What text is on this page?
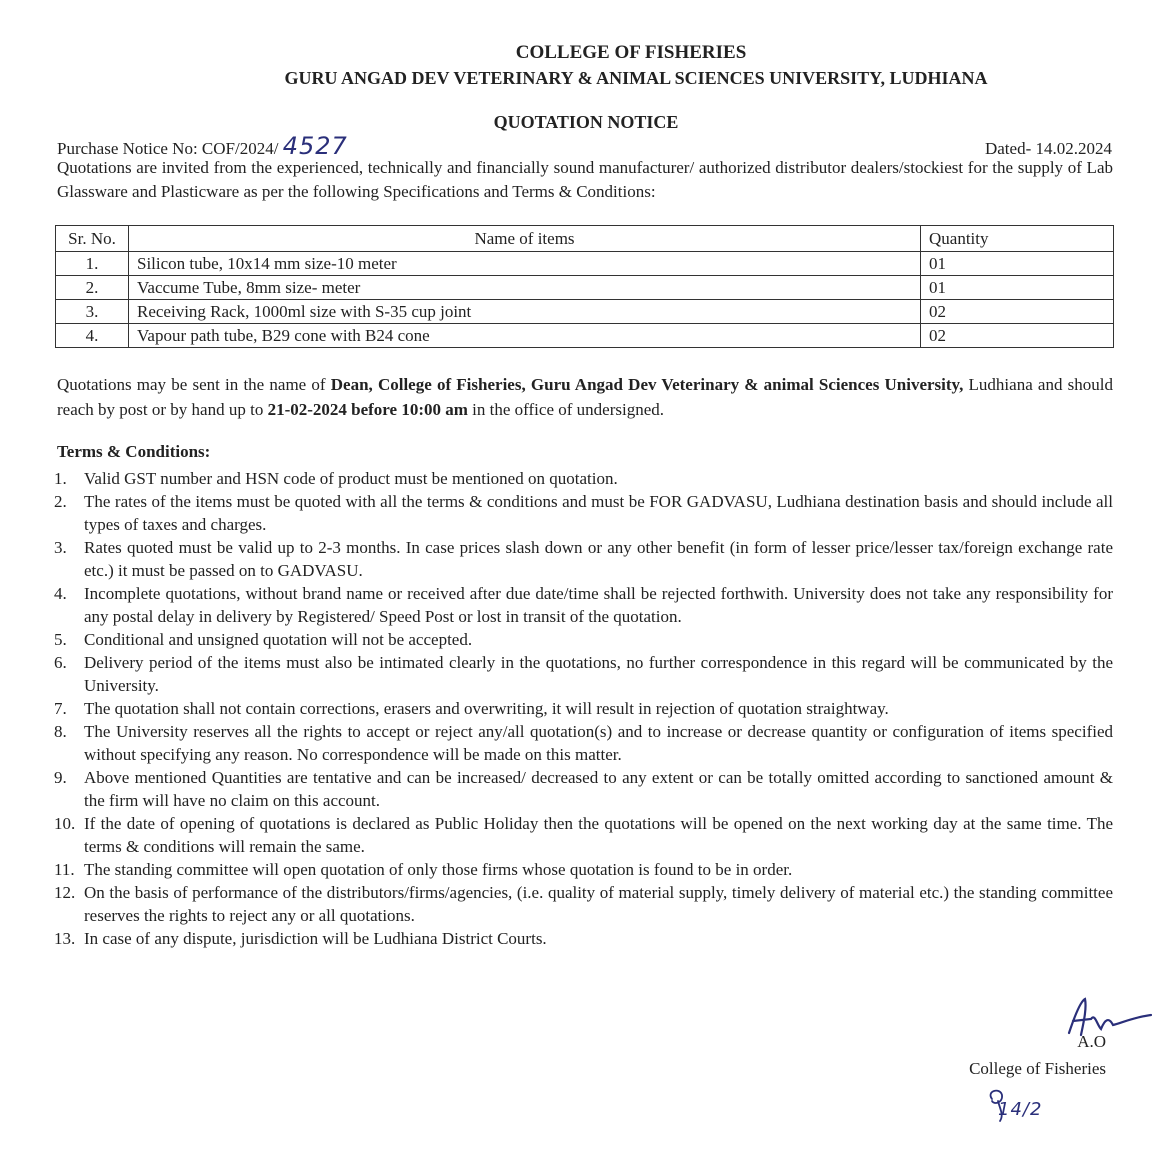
COLLEGE OF FISHERIES
GURU ANGAD DEV VETERINARY & ANIMAL SCIENCES UNIVERSITY, LUDHIANA
QUOTATION NOTICE
Purchase Notice No: COF/2024/ 4527	Dated- 14.02.2024
Quotations are invited from the experienced, technically and financially sound manufacturer/ authorized distributor dealers/stockiest for the supply of Lab Glassware and Plasticware as per the following Specifications and Terms & Conditions:
Sr. No.	Name of items	Quantity
1.	Silicon tube, 10x14 mm size-10 meter	01
2.	Vaccume Tube, 8mm size- meter	01
3.	Receiving Rack, 1000ml size with S-35 cup joint	02
4.	Vapour path tube, B29 cone with B24 cone	02
Quotations may be sent in the name of Dean, College of Fisheries, Guru Angad Dev Veterinary & animal Sciences University, Ludhiana and should reach by post or by hand up to 21-02-2024 before 10:00 am in the office of undersigned.
Terms & Conditions:
1. Valid GST number and HSN code of product must be mentioned on quotation.
2. The rates of the items must be quoted with all the terms & conditions and must be FOR GADVASU, Ludhiana destination basis and should include all types of taxes and charges.
3. Rates quoted must be valid up to 2-3 months. In case prices slash down or any other benefit (in form of lesser price/lesser tax/foreign exchange rate etc.) it must be passed on to GADVASU.
4. Incomplete quotations, without brand name or received after due date/time shall be rejected forthwith. University does not take any responsibility for any postal delay in delivery by Registered/ Speed Post or lost in transit of the quotation.
5. Conditional and unsigned quotation will not be accepted.
6. Delivery period of the items must also be intimated clearly in the quotations, no further correspondence in this regard will be communicated by the University.
7. The quotation shall not contain corrections, erasers and overwriting, it will result in rejection of quotation straightway.
8. The University reserves all the rights to accept or reject any/all quotation(s) and to increase or decrease quantity or configuration of items specified without specifying any reason. No correspondence will be made on this matter.
9. Above mentioned Quantities are tentative and can be increased/ decreased to any extent or can be totally omitted according to sanctioned amount & the firm will have no claim on this account.
10. If the date of opening of quotations is declared as Public Holiday then the quotations will be opened on the next working day at the same time. The terms & conditions will remain the same.
11. The standing committee will open quotation of only those firms whose quotation is found to be in order.
12. On the basis of performance of the distributors/firms/agencies, (i.e. quality of material supply, timely delivery of material etc.) the standing committee reserves the rights to reject any or all quotations.
13. In case of any dispute, jurisdiction will be Ludhiana District Courts.
A.O
College of Fisheries
14/2
